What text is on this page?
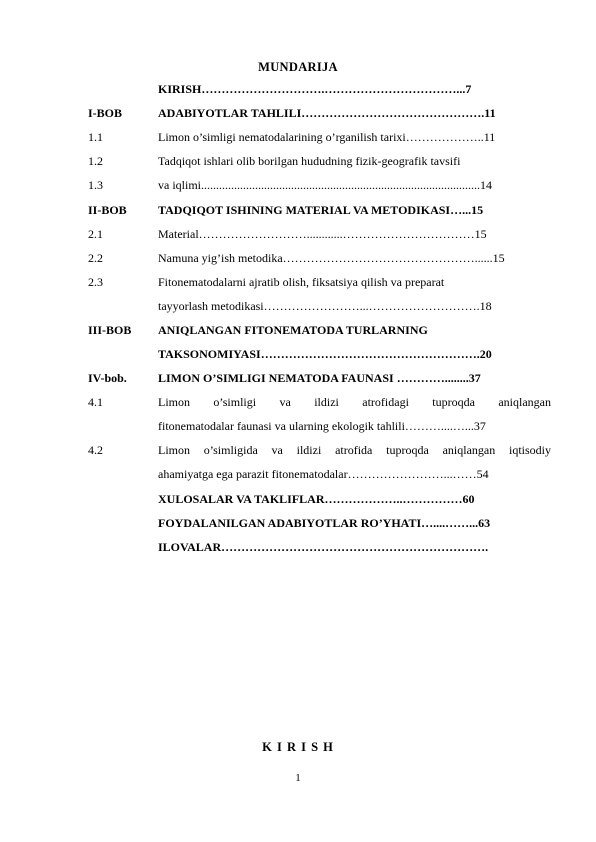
MUNDARIJA
KIRISH………………………….……………………………...7
I-BOB	ADABIYOTLAR TAHLILI……………………………………….11
1.1	Limon o’simligi nematodalarining o’rganilish tarixi………………..11
1.2	Tadqiqot ishlari olib borilgan hududning fizik-geografik tavsifi
1.3	va iqlimi.............................................................................................14
II-BOB	TADQIQOT ISHINING MATERIAL VA METODIKASI…...15
2.1	Material………………………............……………………………15
2.2	Namuna yig’ish metodika…………………………………………......15
2.3	Fitonematodalarni ajratib olish, fiksatsiya qilish va preparat
tayyorlash metodikasi……………………...……………………….18
III-BOB ANIQLANGAN FITONEMATODA TURLARNING
TAKSONOMIYASI……………………………………………….20
IV-bob.	LIMON O’SIMLIGI NEMATODA FAUNASI …………........37
4.1	Limon o’simligi va ildizi atrofidagi tuproqda aniqlangan
fitonematodalar faunasi va ularning ekologik tahlili………....…...37
4.2	Limon o’simligida va ildizi atrofida tuproqda aniqlangan iqtisodiy
ahamiyatga ega parazit fitonematodalar……………………...……54
XULOSALAR VA TAKLIFLAR………………..……………60
FOYDALANILGAN ADABIYOTLAR RO’YHATI…....……...63
ILOVALAR………………………………………………………….
K I R I S H
1
